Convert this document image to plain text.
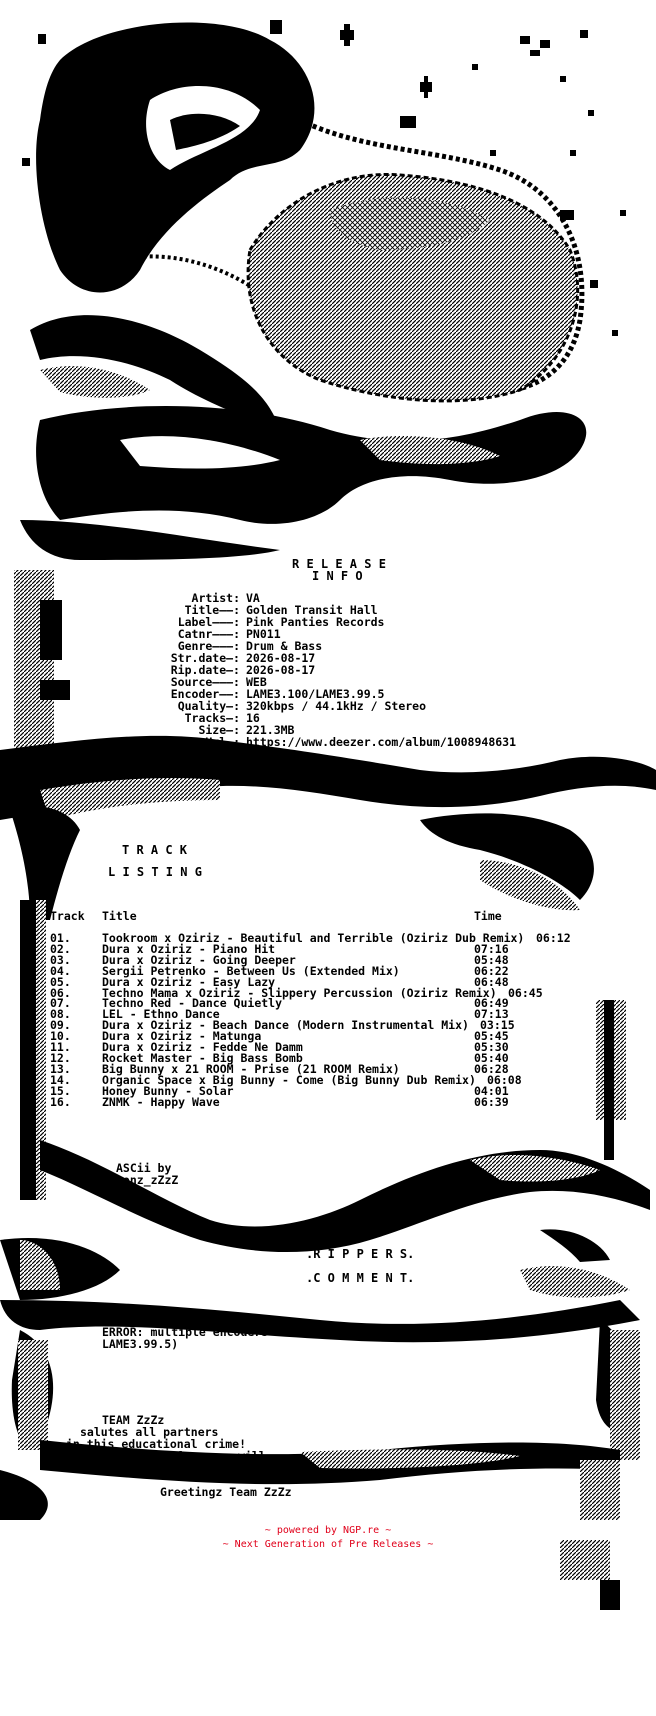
R E L E A S E
I N F O
Artist: VA
Title——: Golden Transit Hall
Label———: Pink Panties Records
Catnr———: PN011
Genre———: Drum & Bass
Str.date—: 2026-08-17
Rip.date—: 2026-08-17
Source———: WEB
Encoder——: LAME3.100/LAME3.99.5
Quality—: 320kbps / 44.1kHz / Stereo
Tracks—: 16
Size—: 221.3MB
Url—: https://www.deezer.com/album/1008948631
T R A C K
L I S T I N G
Track Title	Time
01.	Tookroom x Oziriz - Beautiful and Terrible (Oziriz Dub Remix) 06:12
02.	Dura x Oziriz - Piano Hit	07:16
03.	Dura x Oziriz - Going Deeper	05:48
04.	Sergii Petrenko - Between Us (Extended Mix)	06:22
05.	Dura x Oziriz - Easy Lazy	06:48
06.	Techno Mama x Oziriz - Slippery Percussion (Oziriz Remix) 06:45
07.	Techno Red - Dance Quietly	06:49
08.	LEL - Ethno Dance	07:13
09.	Dura x Oziriz - Beach Dance (Modern Instrumental Mix) 03:15
10.	Dura x Oziriz - Matunga	05:45
11.	Dura x Oziriz - Fedde Ne Damm	05:30
12.	Rocket Master - Big Bass Bomb	05:40
13.	Big Bunny x 21 ROOM - Prise (21 ROOM Remix)	06:28
14.	Organic Space x Big Bunny - Come (Big Bunny Dub Remix) 06:08
15.	Honey Bunny - Solar	04:01
16.	ZNMK - Happy Wave	06:39
ASCii by
gonz_zZzZ
.R I P P E R S.
.C O M M E N T.
ERROR: multiple encoders detected. (LAME3.100 |
LAME3.99.5)
TEAM ZzZz
salutes all partners
in this educational crime!
we thank all the fans, we will
keep rocking...
Greetingz Team ZzZz
~ powered by NGP.re ~
~ Next Generation of Pre Releases ~
